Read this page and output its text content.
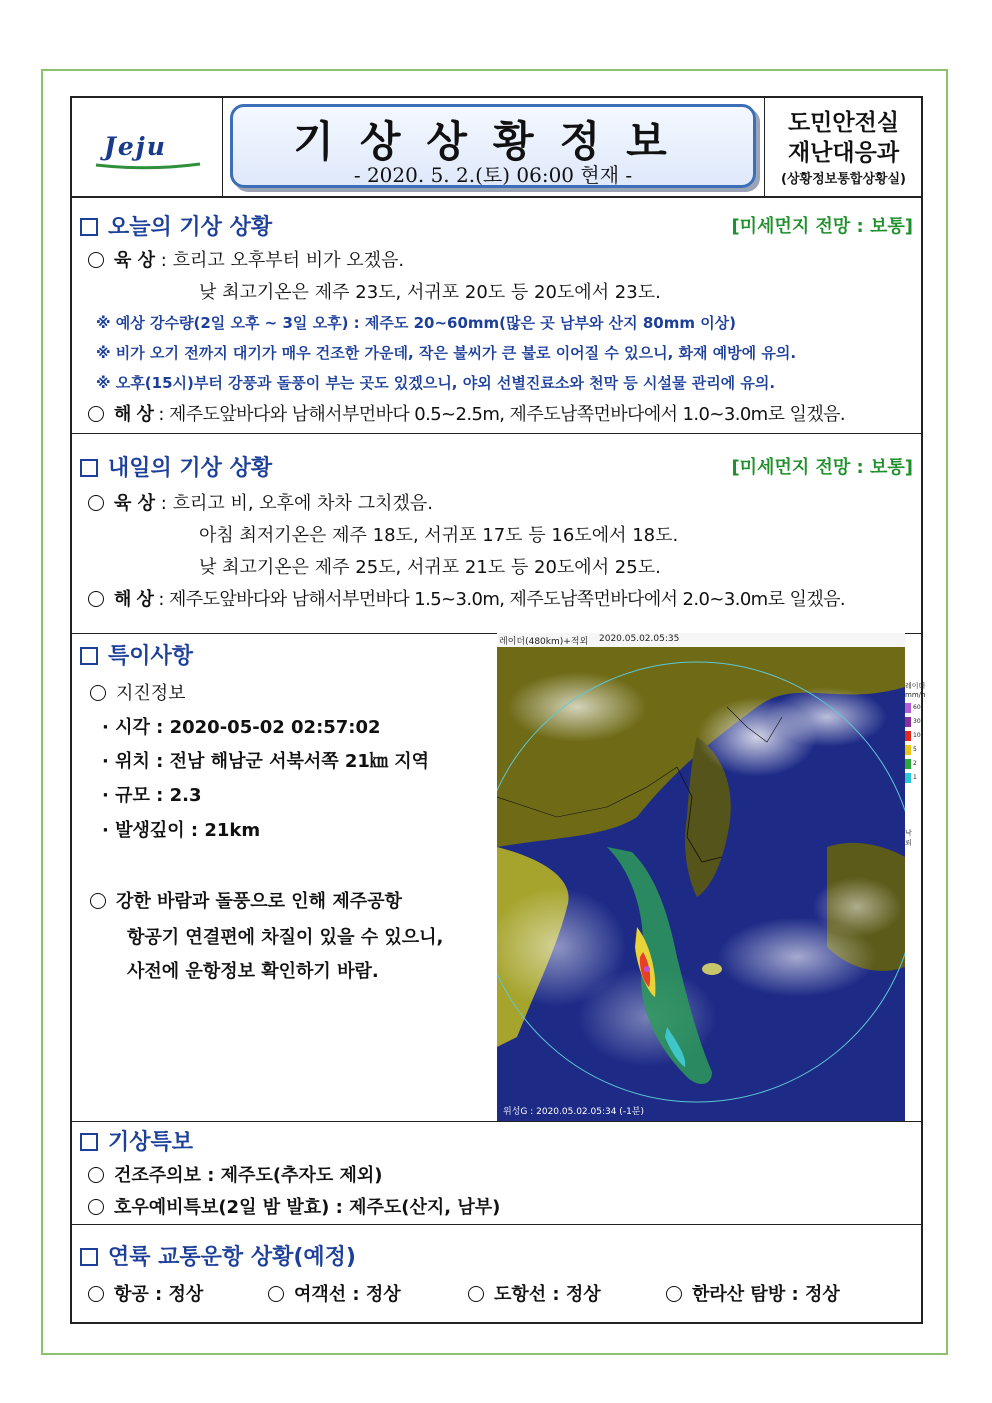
Jeju	기상상황정보
- 2020. 5. 2.(토) 06:00 현재 -
도민안전실
재난대응과
(상황정보통합상황실)
오늘의 기상 상황	[미세먼지 전망 : 보통]
육 상 : 흐리고 오후부터 비가 오겠음.
낮 최고기온은 제주 23도, 서귀포 20도 등 20도에서 23도.
※ 예상 강수량(2일 오후 ~ 3일 오후) : 제주도 20~60mm(많은 곳 남부와 산지 80mm 이상)
※ 비가 오기 전까지 대기가 매우 건조한 가운데, 작은 불씨가 큰 불로 이어질 수 있으니, 화재 예방에 유의.
※ 오후(15시)부터 강풍과 돌풍이 부는 곳도 있겠으니, 야외 선별진료소와 천막 등 시설물 관리에 유의.
해 상 : 제주도앞바다와 남해서부먼바다 0.5~2.5m, 제주도남쪽먼바다에서 1.0~3.0m로 일겠음.
내일의 기상 상황	[미세먼지 전망 : 보통]
육 상 : 흐리고 비, 오후에 차차 그치겠음.
아침 최저기온은 제주 18도, 서귀포 17도 등 16도에서 18도.
낮 최고기온은 제주 25도, 서귀포 21도 등 20도에서 25도.
해 상 : 제주도앞바다와 남해서부먼바다 1.5~3.0m, 제주도남쪽먼바다에서 2.0~3.0m로 일겠음.
특이사항
지진정보
· 시각 : 2020-05-02 02:57:02
· 위치 : 전남 해남군 서북서쪽 21㎞ 지역
· 규모 : 2.3
· 발생깊이 : 21km
강한 바람과 돌풍으로 인해 제주공항
항공기 연결편에 차질이 있을 수 있으니,
사전에 운항정보 확인하기 바람.
레이더(480km)+적외 2020.05.02.05:35
위성G : 2020.05.02.05:34 (-1분)
레이더
mm/h
60
30
10
5
2
1
낙뢰
기상특보
건조주의보 : 제주도(추자도 제외)
호우예비특보(2일 밤 발효) : 제주도(산지, 남부)
연륙 교통운항 상황(예정)
항공 : 정상	여객선 : 정상	도항선 : 정상	한라산 탐방 : 정상
